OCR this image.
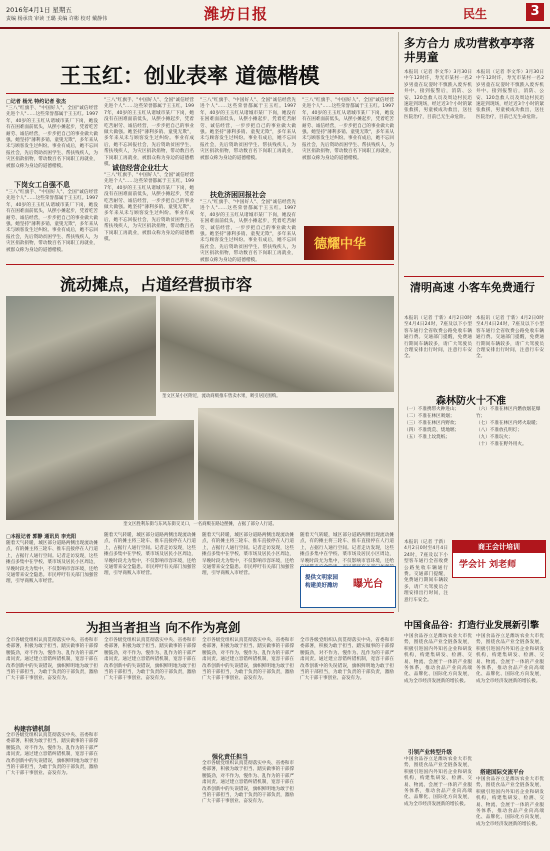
2016年4月1日 星期五
责编 杨承贵 审读 王璐 美编 许彬 校对 戴静伟	潍坊日报	民生	3
王玉红：创业表率 道德楷模
□记者 杨光 特约记者 张杰
"三八"红旗手、"中国好人"、全国"诚信经营先进个人"……这些荣誉都属于王玉红。1997年，40岁的王玉红从诸城市某厂下岗，她没有在困难面前低头，从摆小摊起步，凭着吃苦耐劳、诚信经营，一步步把自己的事业做大做强。她坚持"薄利多销、童叟无欺"，多年来从未与顾客发生过纠纷。事业有成后，她不忘回报社会，先后资助贫困学生、帮扶残疾人，为灾区捐款捐物，带动数百名下岗职工再就业，被群众称为身边的道德楷模。
下岗女工自强不息
"三八"红旗手、"中国好人"、全国"诚信经营先进个人"……这些荣誉都属于王玉红。1997年，40岁的王玉红从诸城市某厂下岗，她没有在困难面前低头，从摆小摊起步，凭着吃苦耐劳、诚信经营，一步步把自己的事业做大做强。她坚持"薄利多销、童叟无欺"，多年来从未与顾客发生过纠纷。事业有成后，她不忘回报社会，先后资助贫困学生、帮扶残疾人，为灾区捐款捐物，带动数百名下岗职工再就业，被群众称为身边的道德楷模。
"三八"红旗手、"中国好人"、全国"诚信经营先进个人"……这些荣誉都属于王玉红。1997年，40岁的王玉红从诸城市某厂下岗，她没有在困难面前低头，从摆小摊起步，凭着吃苦耐劳、诚信经营，一步步把自己的事业做大做强。她坚持"薄利多销、童叟无欺"，多年来从未与顾客发生过纠纷。事业有成后，她不忘回报社会，先后资助贫困学生、帮扶残疾人，为灾区捐款捐物，带动数百名下岗职工再就业，被群众称为身边的道德楷模。
诚信经营企业壮大
"三八"红旗手、"中国好人"、全国"诚信经营先进个人"……这些荣誉都属于王玉红。1997年，40岁的王玉红从诸城市某厂下岗，她没有在困难面前低头，从摆小摊起步，凭着吃苦耐劳、诚信经营，一步步把自己的事业做大做强。她坚持"薄利多销、童叟无欺"，多年来从未与顾客发生过纠纷。事业有成后，她不忘回报社会，先后资助贫困学生、帮扶残疾人，为灾区捐款捐物，带动数百名下岗职工再就业，被群众称为身边的道德楷模。
"三八"红旗手、"中国好人"、全国"诚信经营先进个人"……这些荣誉都属于王玉红。1997年，40岁的王玉红从诸城市某厂下岗，她没有在困难面前低头，从摆小摊起步，凭着吃苦耐劳、诚信经营，一步步把自己的事业做大做强。她坚持"薄利多销、童叟无欺"，多年来从未与顾客发生过纠纷。事业有成后，她不忘回报社会，先后资助贫困学生、帮扶残疾人，为灾区捐款捐物，带动数百名下岗职工再就业，被群众称为身边的道德楷模。
扶危济困回报社会
"三八"红旗手、"中国好人"、全国"诚信经营先进个人"……这些荣誉都属于王玉红。1997年，40岁的王玉红从诸城市某厂下岗，她没有在困难面前低头，从摆小摊起步，凭着吃苦耐劳、诚信经营，一步步把自己的事业做大做强。她坚持"薄利多销、童叟无欺"，多年来从未与顾客发生过纠纷。事业有成后，她不忘回报社会，先后资助贫困学生、帮扶残疾人，为灾区捐款捐物，带动数百名下岗职工再就业，被群众称为身边的道德楷模。
"三八"红旗手、"中国好人"、全国"诚信经营先进个人"……这些荣誉都属于王玉红。1997年，40岁的王玉红从诸城市某厂下岗，她没有在困难面前低头，从摆小摊起步，凭着吃苦耐劳、诚信经营，一步步把自己的事业做大做强。她坚持"薄利多销、童叟无欺"，多年来从未与顾客发生过纠纷。事业有成后，她不忘回报社会，先后资助贫困学生、帮扶残疾人，为灾区捐款捐物，带动数百名下岗职工再就业，被群众称为身边的道德楷模。
德耀中华
多方合力 成功营救亭亭落井男童
本报讯（记者 李文华）3月30日中午12时许，寿光市某村一名2岁男童在玩耍时不慎跌入废弃机井中。接到报警后，消防、公安、120急救人员及周边村民迅速赶到现场，经过近3个小时的紧张救援，男童被成功救出，送往医院治疗，目前已无生命危险。
本报讯（记者 李文华）3月30日中午12时许，寿光市某村一名2岁男童在玩耍时不慎跌入废弃机井中。接到报警后，消防、公安、120急救人员及周边村民迅速赶到现场，经过近3个小时的紧张救援，男童被成功救出，送往医院治疗，目前已无生命危险。
清明高速 小客车免费通行
本报讯（记者 于新）4月2日0时至4月4日24时，7座及以下小型客车通行全省收费公路免收车辆通行费。交通部门提醒，免费通行期间车辆较多，请广大驾驶员合理安排出行时间，注意行车安全。
本报讯（记者 于新）4月2日0时至4月4日24时，7座及以下小型客车通行全省收费公路免收车辆通行费。交通部门提醒，免费通行期间车辆较多，请广大驾驶员合理安排出行时间，注意行车安全。
森林防火十不准
（一）不准携带火种进山；
（二）不准在林区吸烟；
（三）不准在林区内野炊；
（四）不准烧荒、烧地堰；
（五）不准上坟烧纸；
（六）不准在林区内燃放烟花爆竹；
（七）不准在林区内烤火取暖；
（八）不准放孔明灯；
（九）不准玩火；
（十）不准在野外用火。
商王会计培训
学会计 刘老师
本报讯（记者 于新）4月2日0时至4月4日24时，7座及以下小型客车通行全省收费公路免收车辆通行费。交通部门提醒，免费通行期间车辆较多，请广大驾驶员合理安排出行时间，注意行车安全。
流动摊点，占道经营损市容
奎文区某小区附近，流动商贩推车售卖水果，吸引居民围购。
奎文区胜利东街与东风东街交叉口，一名商贩在路边摆摊，占据了部分人行道。
□本报记者 郭静 通讯员 李光阳
随着天气转暖，城区部分道路两侧出现流动摊点，有的摊主将三轮车、推车直接停在人行道上，占据行人通行空间。记者走访发现，这些摊点多集中在学校、菜市场及居民小区周边，早晚时段尤为集中，不仅影响市容环境，还给交通带来安全隐患。市民呼吁有关部门加强管理，引导商贩入市经营。
随着天气转暖，城区部分道路两侧出现流动摊点，有的摊主将三轮车、推车直接停在人行道上，占据行人通行空间。记者走访发现，这些摊点多集中在学校、菜市场及居民小区周边，早晚时段尤为集中，不仅影响市容环境，还给交通带来安全隐患。市民呼吁有关部门加强管理，引导商贩入市经营。
随着天气转暖，城区部分道路两侧出现流动摊点，有的摊主将三轮车、推车直接停在人行道上，占据行人通行空间。记者走访发现，这些摊点多集中在学校、菜市场及居民小区周边，早晚时段尤为集中，不仅影响市容环境，还给交通带来安全隐患。市民呼吁有关部门加强管理，引导商贩入市经营。
随着天气转暖，城区部分道路两侧出现流动摊点，有的摊主将三轮车、推车直接停在人行道上，占据行人通行空间。记者走访发现，这些摊点多集中在学校、菜市场及居民小区周边，早晚时段尤为集中，不仅影响市容环境，还给
提供文明家园
构建美好潍坊 曝光台
为担当者担当 向不作为亮剑
全市各级党组织认真贯彻落实中央、省委和市委部署，积极为敢于担当、踏实做事的干部撑腰鼓劲，对不作为、慢作为、乱作为的干部严肃问责。通过建立容错纠错机制，宽容干部在改革创新中的失误错误，旗帜鲜明地为敢于担当的干部担当，为敢于负责的干部负责，激励广大干部干事创业、奋发有为。
构建容错机制
全市各级党组织认真贯彻落实中央、省委和市委部署，积极为敢于担当、踏实做事的干部撑腰鼓劲，对不作为、慢作为、乱作为的干部严肃问责。通过建立容错纠错机制，宽容干部在改革创新中的失误错误，旗帜鲜明地为敢于担当的干部担当，为敢于负责的干部负责，激励广大干部干事创业、奋发有为。
全市各级党组织认真贯彻落实中央、省委和市委部署，积极为敢于担当、踏实做事的干部撑腰鼓劲，对不作为、慢作为、乱作为的干部严肃问责。通过建立容错纠错机制，宽容干部在改革创新中的失误错误，旗帜鲜明地为敢于担当的干部担当，为敢于负责的干部负责，激励广大干部干事创业、奋发有为。
全市各级党组织认真贯彻落实中央、省委和市委部署，积极为敢于担当、踏实做事的干部撑腰鼓劲，对不作为、慢作为、乱作为的干部严肃问责。通过建立容错纠错机制，宽容干部在改革创新中的失误错误，旗帜鲜明地为敢于担当的干部担当，为敢于负责的干部负责，激励广大干部干事创业、奋发有为。
强化责任担当
全市各级党组织认真贯彻落实中央、省委和市委部署，积极为敢于担当、踏实做事的干部撑腰鼓劲，对不作为、慢作为、乱作为的干部严肃问责。通过建立容错纠错机制，宽容干部在改革创新中的失误错误，旗帜鲜明地为敢于担当的干部担当，为敢于负责的干部负责，激励广大干部干事创业、奋发有为。
全市各级党组织认真贯彻落实中央、省委和市委部署，积极为敢于担当、踏实做事的干部撑腰鼓劲，对不作为、慢作为、乱作为的干部严肃问责。通过建立容错纠错机制，宽容干部在改革创新中的失误错误，旗帜鲜明地为敢于担当的干部担当，为敢于负责的干部负责，激励广大干部干事创业、奋发有为。
中国食品谷：打造行业发展新引擎
中国食品谷立足潍坊农业大市优势，围绕食品产业全链条发展，积极引进国内外知名企业和研发机构，构建集研发、检测、交易、物流、会展于一体的产业服务体系，推动食品产业向高端化、品牌化、国际化方向发展，成为全市经济发展新的增长极。
引领产业转型升级
中国食品谷立足潍坊农业大市优势，围绕食品产业全链条发展，积极引进国内外知名企业和研发机构，构建集研发、检测、交易、物流、会展于一体的产业服务体系，推动食品产业向高端化、品牌化、国际化方向发展，成为全市经济发展新的增长极。
中国食品谷立足潍坊农业大市优势，围绕食品产业全链条发展，积极引进国内外知名企业和研发机构，构建集研发、检测、交易、物流、会展于一体的产业服务体系，推动食品产业向高端化、品牌化、国际化方向发展，成为全市经济发展新的增长极。
搭建国际交流平台
中国食品谷立足潍坊农业大市优势，围绕食品产业全链条发展，积极引进国内外知名企业和研发机构，构建集研发、检测、交易、物流、会展于一体的产业服务体系，推动食品产业向高端化、品牌化、国际化方向发展，成为全市经济发展新的增长极。
